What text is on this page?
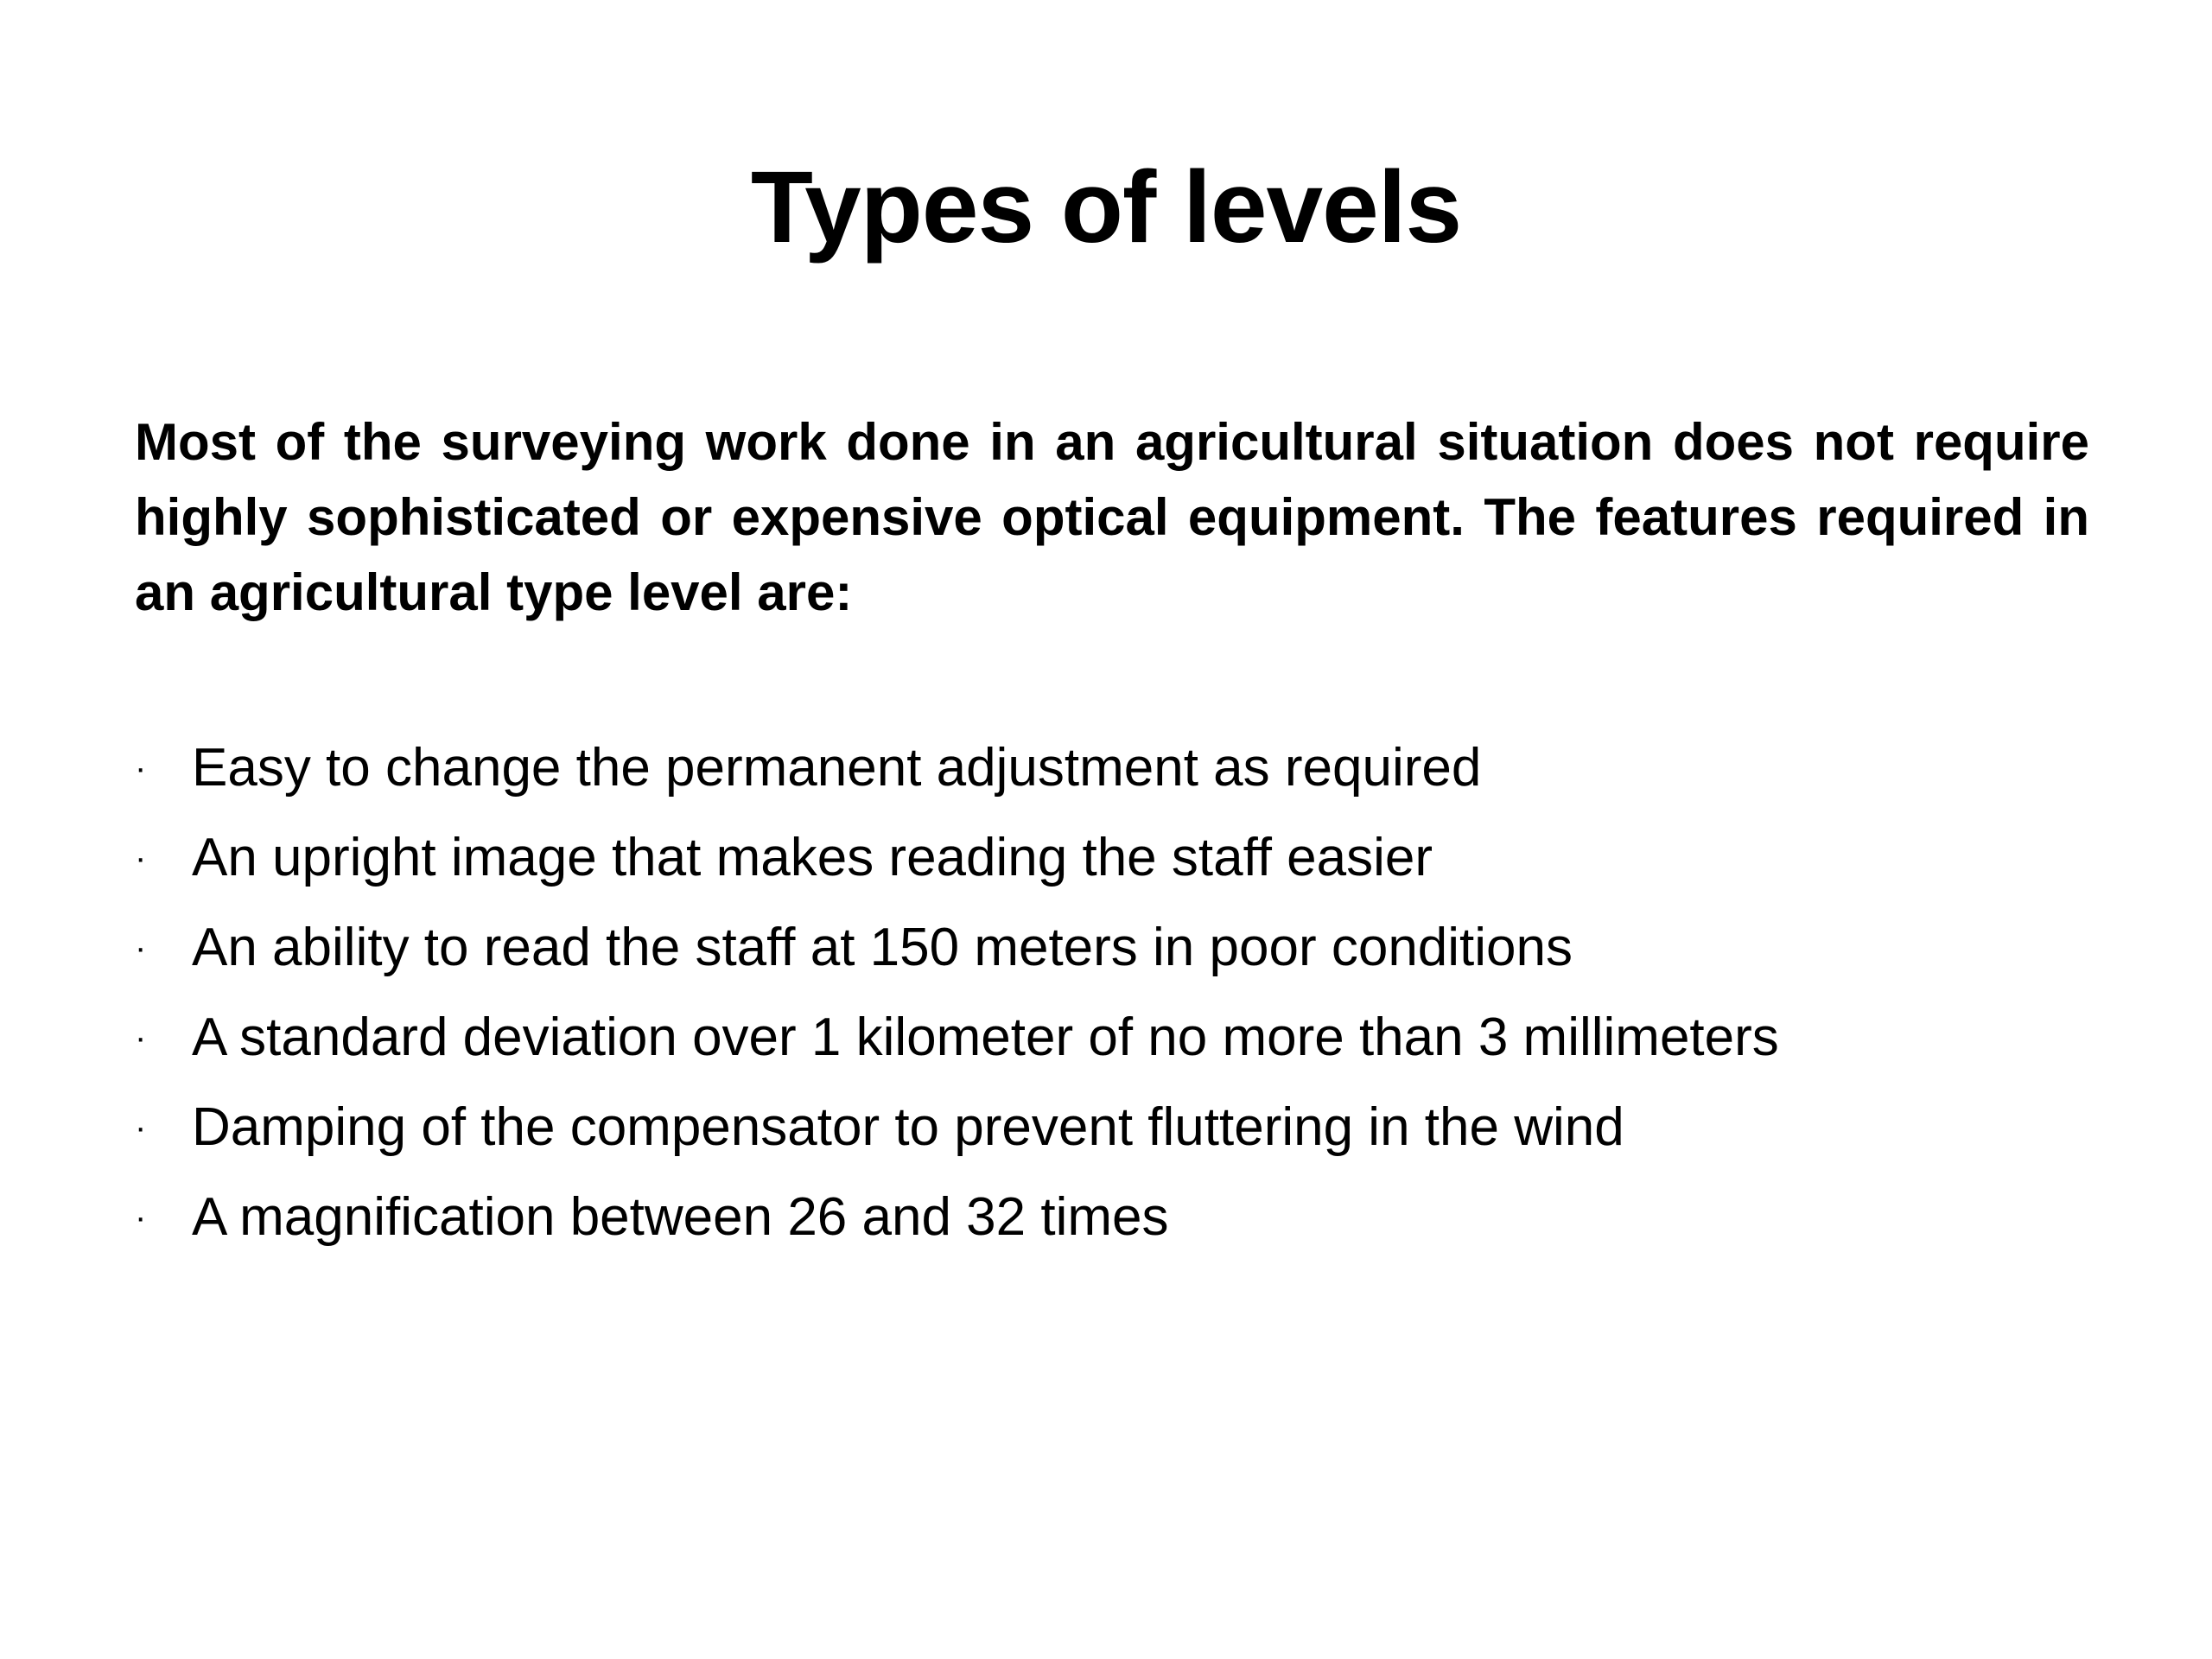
Types of levels

Most of the surveying work done in an agricultural situation does not require highly sophisticated or expensive optical equipment. The features required in an agricultural type level are:

· Easy to change the permanent adjustment as required
· An upright image that makes reading the staff easier
· An ability to read the staff at 150 meters in poor conditions
· A standard deviation over 1 kilometer of no more than 3 millimeters
· Damping of the compensator to prevent fluttering in the wind
· A magnification between 26 and 32 times
